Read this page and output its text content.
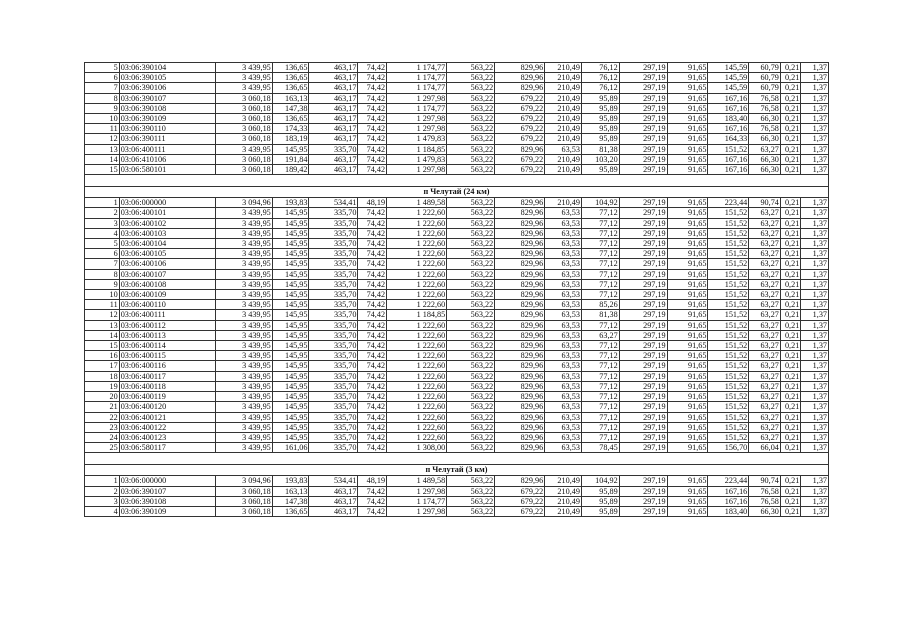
5	03:06:390104	3 439,95	136,65	463,17	74,42	1 174,77	563,22	829,96	210,49	76,12	297,19	91,65	145,59	60,79	0,21	1,37
6	03:06:390105	3 439,95	136,65	463,17	74,42	1 174,77	563,22	829,96	210,49	76,12	297,19	91,65	145,59	60,79	0,21	1,37
7	03:06:390106	3 439,95	136,65	463,17	74,42	1 174,77	563,22	829,96	210,49	76,12	297,19	91,65	145,59	60,79	0,21	1,37
8	03:06:390107	3 060,18	163,13	463,17	74,42	1 297,98	563,22	679,22	210,49	95,89	297,19	91,65	167,16	76,58	0,21	1,37
9	03:06:390108	3 060,18	147,38	463,17	74,42	1 174,77	563,22	679,22	210,49	95,89	297,19	91,65	167,16	76,58	0,21	1,37
10	03:06:390109	3 060,18	136,65	463,17	74,42	1 297,98	563,22	679,22	210,49	95,89	297,19	91,65	183,40	66,30	0,21	1,37
11	03:06:390110	3 060,18	174,33	463,17	74,42	1 297,98	563,22	679,22	210,49	95,89	297,19	91,65	167,16	76,58	0,21	1,37
12	03:06:390111	3 060,18	183,19	463,17	74,42	1 479,83	563,22	679,22	210,49	95,89	297,19	91,65	164,33	66,30	0,21	1,37
13	03:06:400111	3 439,95	145,95	335,70	74,42	1 184,85	563,22	829,96	63,53	81,38	297,19	91,65	151,52	63,27	0,21	1,37
14	03:06:410106	3 060,18	191,84	463,17	74,42	1 479,83	563,22	679,22	210,49	103,20	297,19	91,65	167,16	66,30	0,21	1,37
15	03:06:580101	3 060,18	189,42	463,17	74,42	1 297,98	563,22	679,22	210,49	95,89	297,19	91,65	167,16	66,30	0,21	1,37

п Челутай (24 км)																
1	03:06:000000	3 094,96	193,83	534,41	48,19	1 489,58	563,22	829,96	210,49	104,92	297,19	91,65	223,44	90,74	0,21	1,37
2	03:06:400101	3 439,95	145,95	335,70	74,42	1 222,60	563,22	829,96	63,53	77,12	297,19	91,65	151,52	63,27	0,21	1,37
3	03:06:400102	3 439,95	145,95	335,70	74,42	1 222,60	563,22	829,96	63,53	77,12	297,19	91,65	151,52	63,27	0,21	1,37
4	03:06:400103	3 439,95	145,95	335,70	74,42	1 222,60	563,22	829,96	63,53	77,12	297,19	91,65	151,52	63,27	0,21	1,37
5	03:06:400104	3 439,95	145,95	335,70	74,42	1 222,60	563,22	829,96	63,53	77,12	297,19	91,65	151,52	63,27	0,21	1,37
6	03:06:400105	3 439,95	145,95	335,70	74,42	1 222,60	563,22	829,96	63,53	77,12	297,19	91,65	151,52	63,27	0,21	1,37
7	03:06:400106	3 439,95	145,95	335,70	74,42	1 222,60	563,22	829,96	63,53	77,12	297,19	91,65	151,52	63,27	0,21	1,37
8	03:06:400107	3 439,95	145,95	335,70	74,42	1 222,60	563,22	829,96	63,53	77,12	297,19	91,65	151,52	63,27	0,21	1,37
9	03:06:400108	3 439,95	145,95	335,70	74,42	1 222,60	563,22	829,96	63,53	77,12	297,19	91,65	151,52	63,27	0,21	1,37
10	03:06:400109	3 439,95	145,95	335,70	74,42	1 222,60	563,22	829,96	63,53	77,12	297,19	91,65	151,52	63,27	0,21	1,37
11	03:06:400110	3 439,95	145,95	335,70	74,42	1 222,60	563,22	829,96	63,53	85,26	297,19	91,65	151,52	63,27	0,21	1,37
12	03:06:400111	3 439,95	145,95	335,70	74,42	1 184,85	563,22	829,96	63,53	81,38	297,19	91,65	151,52	63,27	0,21	1,37
13	03:06:400112	3 439,95	145,95	335,70	74,42	1 222,60	563,22	829,96	63,53	77,12	297,19	91,65	151,52	63,27	0,21	1,37
14	03:06:400113	3 439,95	145,95	335,70	74,42	1 222,60	563,22	829,96	63,53	63,27	297,19	91,65	151,52	63,27	0,21	1,37
15	03:06:400114	3 439,95	145,95	335,70	74,42	1 222,60	563,22	829,96	63,53	77,12	297,19	91,65	151,52	63,27	0,21	1,37
16	03:06:400115	3 439,95	145,95	335,70	74,42	1 222,60	563,22	829,96	63,53	77,12	297,19	91,65	151,52	63,27	0,21	1,37
17	03:06:400116	3 439,95	145,95	335,70	74,42	1 222,60	563,22	829,96	63,53	77,12	297,19	91,65	151,52	63,27	0,21	1,37
18	03:06:400117	3 439,95	145,95	335,70	74,42	1 222,60	563,22	829,96	63,53	77,12	297,19	91,65	151,52	63,27	0,21	1,37
19	03:06:400118	3 439,95	145,95	335,70	74,42	1 222,60	563,22	829,96	63,53	77,12	297,19	91,65	151,52	63,27	0,21	1,37
20	03:06:400119	3 439,95	145,95	335,70	74,42	1 222,60	563,22	829,96	63,53	77,12	297,19	91,65	151,52	63,27	0,21	1,37
21	03:06:400120	3 439,95	145,95	335,70	74,42	1 222,60	563,22	829,96	63,53	77,12	297,19	91,65	151,52	63,27	0,21	1,37
22	03:06:400121	3 439,95	145,95	335,70	74,42	1 222,60	563,22	829,96	63,53	77,12	297,19	91,65	151,52	63,27	0,21	1,37
23	03:06:400122	3 439,95	145,95	335,70	74,42	1 222,60	563,22	829,96	63,53	77,12	297,19	91,65	151,52	63,27	0,21	1,37
24	03:06:400123	3 439,95	145,95	335,70	74,42	1 222,60	563,22	829,96	63,53	77,12	297,19	91,65	151,52	63,27	0,21	1,37
25	03:06:580117	3 439,95	161,06	335,70	74,42	1 308,00	563,22	829,96	63,53	78,45	297,19	91,65	156,70	66,04	0,21	1,37

п Челутай (3 км)																
1	03:06:000000	3 094,96	193,83	534,41	48,19	1 489,58	563,22	829,96	210,49	104,92	297,19	91,65	223,44	90,74	0,21	1,37
2	03:06:390107	3 060,18	163,13	463,17	74,42	1 297,98	563,22	679,22	210,49	95,89	297,19	91,65	167,16	76,58	0,21	1,37
3	03:06:390108	3 060,18	147,38	463,17	74,42	1 174,77	563,22	679,22	210,49	95,89	297,19	91,65	167,16	76,58	0,21	1,37
4	03:06:390109	3 060,18	136,65	463,17	74,42	1 297,98	563,22	679,22	210,49	95,89	297,19	91,65	183,40	66,30	0,21	1,37
